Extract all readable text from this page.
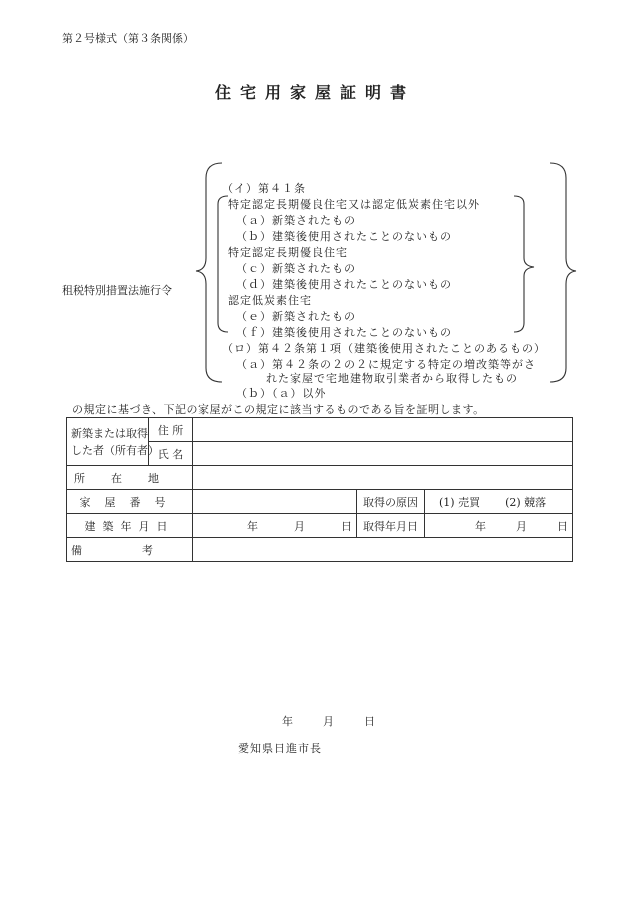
第２号様式（第３条関係）
住宅用家屋証明書
租税特別措置法施行令
（イ）第４１条
特定認定長期優良住宅又は認定低炭素住宅以外
（ａ）新築されたもの
（ｂ）建築後使用されたことのないもの
特定認定長期優良住宅
（ｃ）新築されたもの
（ｄ）建築後使用されたことのないもの
認定低炭素住宅
（ｅ）新築されたもの
（ｆ）建築後使用されたことのないもの
（ロ）第４２条第１項（建築後使用されたことのあるもの）
（ａ）第４２条の２の２に規定する特定の増改築等がさ
れた家屋で宅地建物取引業者から取得したもの
（ｂ）（ａ）以外
の規定に基づき、下記の家屋がこの規定に該当するものである旨を証明します。
新築または取得
した者（所有者）	住 所			
	氏 名			
所在地				
家屋番号			取得の原因	(1) 売買 (2) 競落
建築年月日		年 月 日	取得年月日	年 月 日
備考				
年	月	日
愛知県日進市長
